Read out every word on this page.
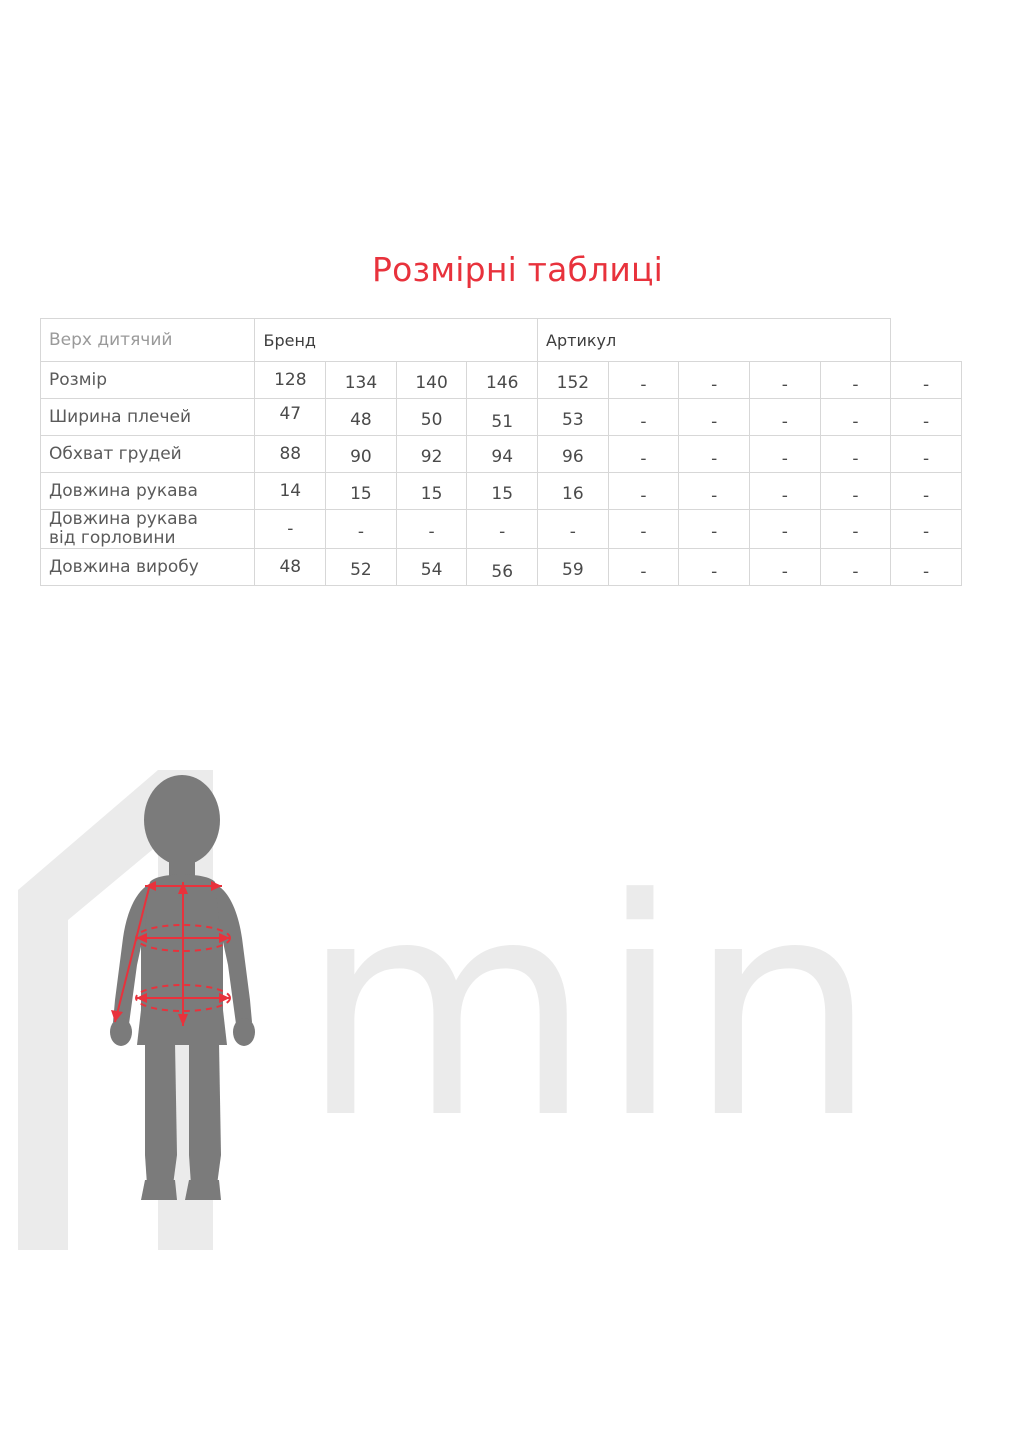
Розмірні таблиці
min
Верх дитячий	Бренд				Артикул					
Розмір	128	134	140	146	152	-	-	-	-	-
Ширина плечей	47	48	50	51	53	-	-	-	-	-
Обхват грудей	88	90	92	94	96	-	-	-	-	-
Довжина рукава	14	15	15	15	16	-	-	-	-	-
Довжина рукава
від горловини	-	-	-	-	-	-	-	-	-	-
Довжина виробу	48	52	54	56	59	-	-	-	-	-
